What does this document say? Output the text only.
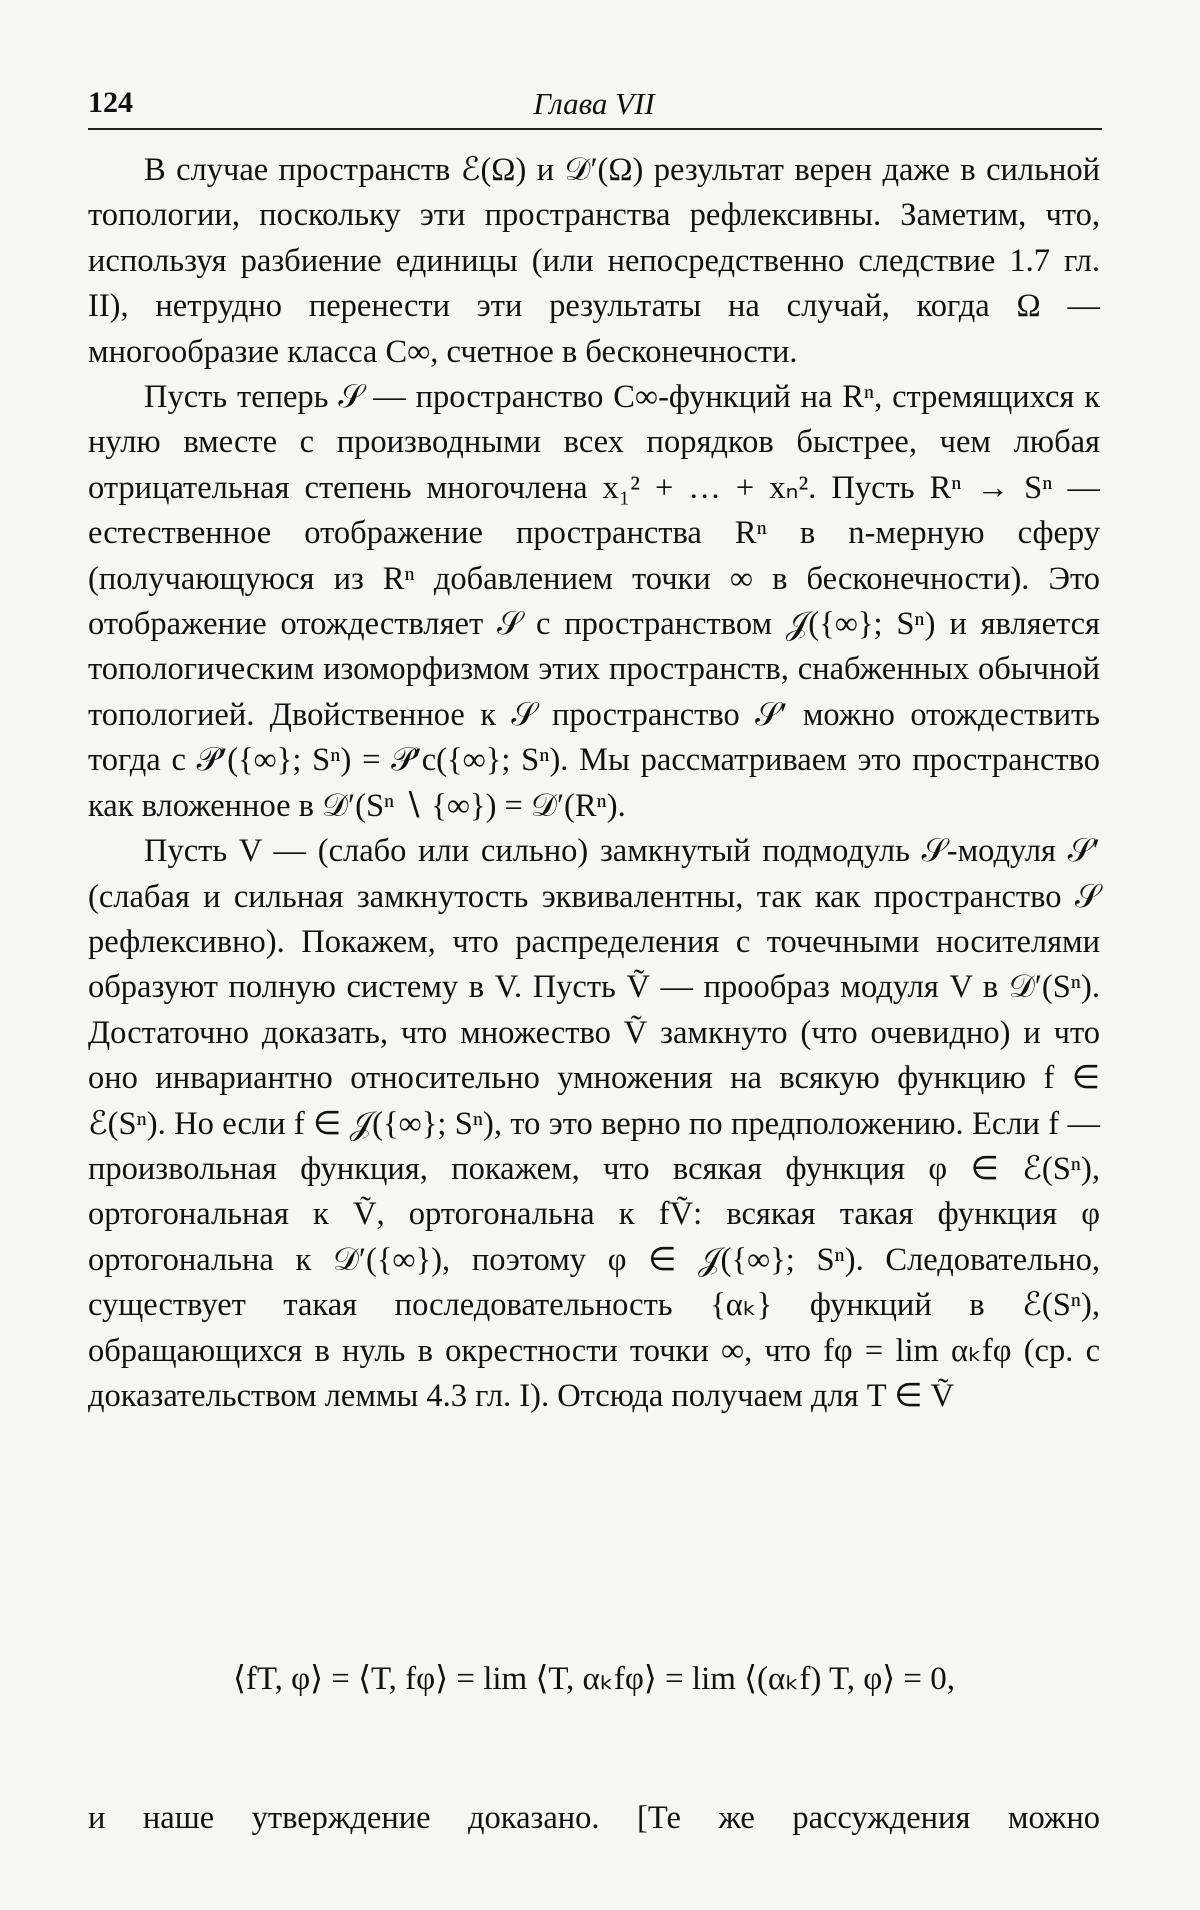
124	Глава VII

В случае пространств ℰ(Ω) и 𝒟′(Ω) результат верен даже в сильной топологии, поскольку эти пространства рефлексивны. Заметим, что, используя разбиение единицы (или непосредственно следствие 1.7 гл. II), нетрудно перенести эти результаты на случай, когда Ω — многообразие класса C∞, счетное в бесконечности.

Пусть теперь 𝒮 — пространство C∞-функций на Rⁿ, стремящихся к нулю вместе с производными всех порядков быстрее, чем любая отрицательная степень многочлена x₁² + … + xₙ². Пусть Rⁿ → Sⁿ — естественное отображение пространства Rⁿ в n-мерную сферу (получающуюся из Rⁿ добавлением точки ∞ в бесконечности). Это отображение отождествляет 𝒮 с пространством 𝒥({∞}; Sⁿ) и является топологическим изоморфизмом этих пространств, снабженных обычной топологией. Двойственное к 𝒮 пространство 𝒮′ можно отождествить тогда с 𝒫′({∞}; Sⁿ) = 𝒫′c({∞}; Sⁿ). Мы рассматриваем это пространство как вложенное в 𝒟′(Sⁿ ∖ {∞}) = 𝒟′(Rⁿ).

Пусть V — (слабо или сильно) замкнутый подмодуль 𝒮-модуля 𝒮′ (слабая и сильная замкнутость эквивалентны, так как пространство 𝒮 рефлексивно). Покажем, что распределения с точечными носителями образуют полную систему в V. Пусть Ṽ — прообраз модуля V в 𝒟′(Sⁿ). Достаточно доказать, что множество Ṽ замкнуто (что очевидно) и что оно инвариантно относительно умножения на всякую функцию f ∈ ℰ(Sⁿ). Но если f ∈ 𝒥({∞}; Sⁿ), то это верно по предположению. Если f — произвольная функция, покажем, что всякая функция φ ∈ ℰ(Sⁿ), ортогональная к Ṽ, ортогональна к fṼ: всякая такая функция φ ортогональна к 𝒟′({∞}), поэтому φ ∈ 𝒥({∞}; Sⁿ). Следовательно, существует такая последовательность {αₖ} функций в ℰ(Sⁿ), обращающихся в нуль в окрестности точки ∞, что fφ = lim αₖfφ (ср. с доказательством леммы 4.3 гл. I). Отсюда получаем для T ∈ Ṽ

⟨fT, φ⟩ = ⟨T, fφ⟩ = lim ⟨T, αₖfφ⟩ = lim ⟨(αₖf) T, φ⟩ = 0,
и наше утверждение доказано. [Те же рассуждения можно
